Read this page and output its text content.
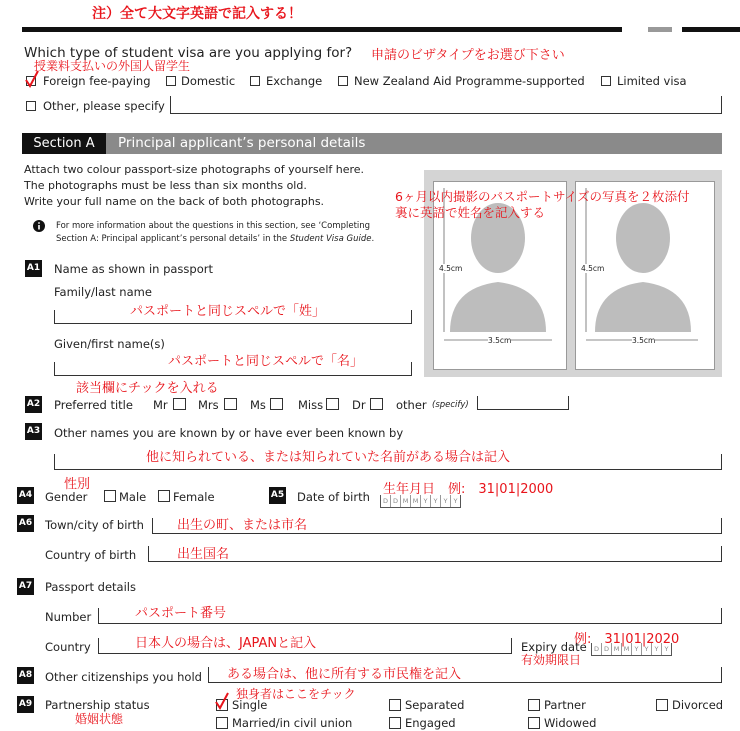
注）全て大文字英語で記入する！
Which type of student visa are you applying for? 申請のビザタイプをお選び下さい
授業料支払いの外国人留学生
Foreign fee-paying	Domestic	Exchange	New Zealand Aid Programme-supported	Limited visa
Other, please specify
Section A	Principal applicant’s personal details
Attach two colour passport-size photographs of yourself here.
The photographs must be less than six months old.
Write your full name on the back of both photographs.
For more information about the questions in this section, see ‘Completing
Section A: Principal applicant’s personal details’ in the Student Visa Guide.
4.5cm
3.5cm
4.5cm
3.5cm
6ヶ月以内撮影のパスポートサイズの写真を２枚添付
裏に英語で姓名を記入する
A1 Name as shown in passport
Family/last name
パスポートと同じスペルで「姓」
Given/first name(s)
パスポートと同じスペルで「名」
該当欄にチックを入れる
A2 Preferred title Mr	Mrs	Ms	Miss	Dr	other (specify)
A3 Other names you are known by or have ever been known by
他に知られている、または知られていた名前がある場合は記入
性別
A4 Gender	Male Female	A5 Date of birth 生年月日　例:　31|01|2000
D D M M Y Y Y Y
A6 Town/city of birth	出生の町、または市名
Country of birth	出生国名
A7 Passport details
Number	パスポート番号
Country	日本人の場合は、JAPANと記入	例:　31|01|2020
Expiry date
有効期限日
D D M M Y Y Y Y
A8 Other citizenships you hold ある場合は、他に所有する市民権を記入
A9 Partnership status
婚姻状態
独身者はここをチック
Single	Separated	Partner	Divorced
Married/in civil union	Engaged	Widowed
